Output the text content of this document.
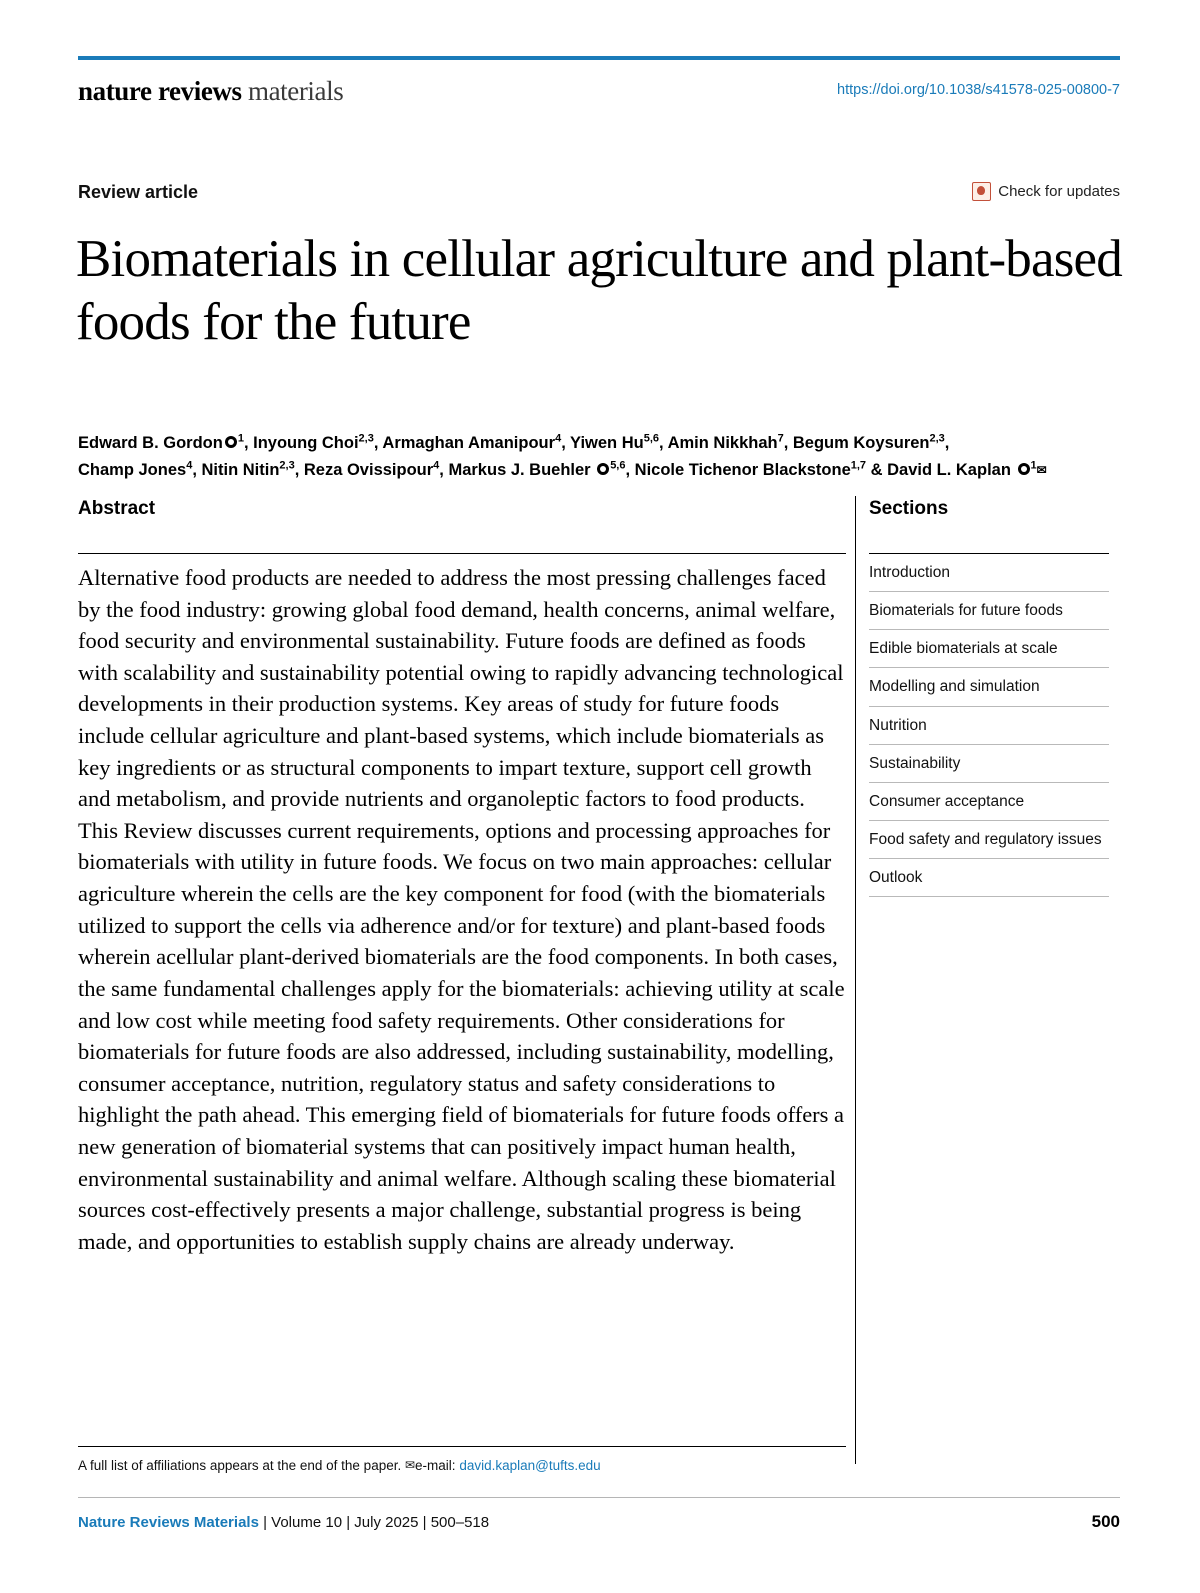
nature reviews materials	https://doi.org/10.1038/s41578-025-00800-7
Review article	Check for updates
Biomaterials in cellular agriculture and plant-based foods for the future
Edward B. Gordon $^1$, Inyoung Choi$^{2,3}$, Armaghan Amanipour$^4$, Yiwen Hu$^{5,6}$, Amin Nikkhah$^7$, Begum Koysuren$^{2,3}$,
Champ Jones$^4$, Nitin Nitin$^{2,3}$, Reza Ovissipour$^4$, Markus J. Buehler $^{5,6}$, Nicole Tichenor Blackstone$^{1,7}$ & David L. Kaplan $^1$✉
Abstract
Alternative food products are needed to address the most pressing challenges faced by the food industry: growing global food demand, health concerns, animal welfare, food security and environmental sustainability. Future foods are defined as foods with scalability and sustainability potential owing to rapidly advancing technological developments in their production systems. Key areas of study for future foods include cellular agriculture and plant-based systems, which include biomaterials as key ingredients or as structural components to impart texture, support cell growth and metabolism, and provide nutrients and organoleptic factors to food products. This Review discusses current requirements, options and processing approaches for biomaterials with utility in future foods. We focus on two main approaches: cellular agriculture wherein the cells are the key component for food (with the biomaterials utilized to support the cells via adherence and/or for texture) and plant-based foods wherein acellular plant-derived biomaterials are the food components. In both cases, the same fundamental challenges apply for the biomaterials: achieving utility at scale and low cost while meeting food safety requirements. Other considerations for biomaterials for future foods are also addressed, including sustainability, modelling, consumer acceptance, nutrition, regulatory status and safety considerations to highlight the path ahead. This emerging field of biomaterials for future foods offers a new generation of biomaterial systems that can positively impact human health, environmental sustainability and animal welfare. Although scaling these biomaterial sources cost-effectively presents a major challenge, substantial progress is being made, and opportunities to establish supply chains are already underway.
A full list of affiliations appears at the end of the paper. ✉e-mail: david.kaplan@tufts.edu
Sections
Introduction
Biomaterials for future foods
Edible biomaterials at scale
Modelling and simulation
Nutrition
Sustainability
Consumer acceptance
Food safety and regulatory issues
Outlook
Nature Reviews Materials | Volume 10 | July 2025 | 500–518	500
